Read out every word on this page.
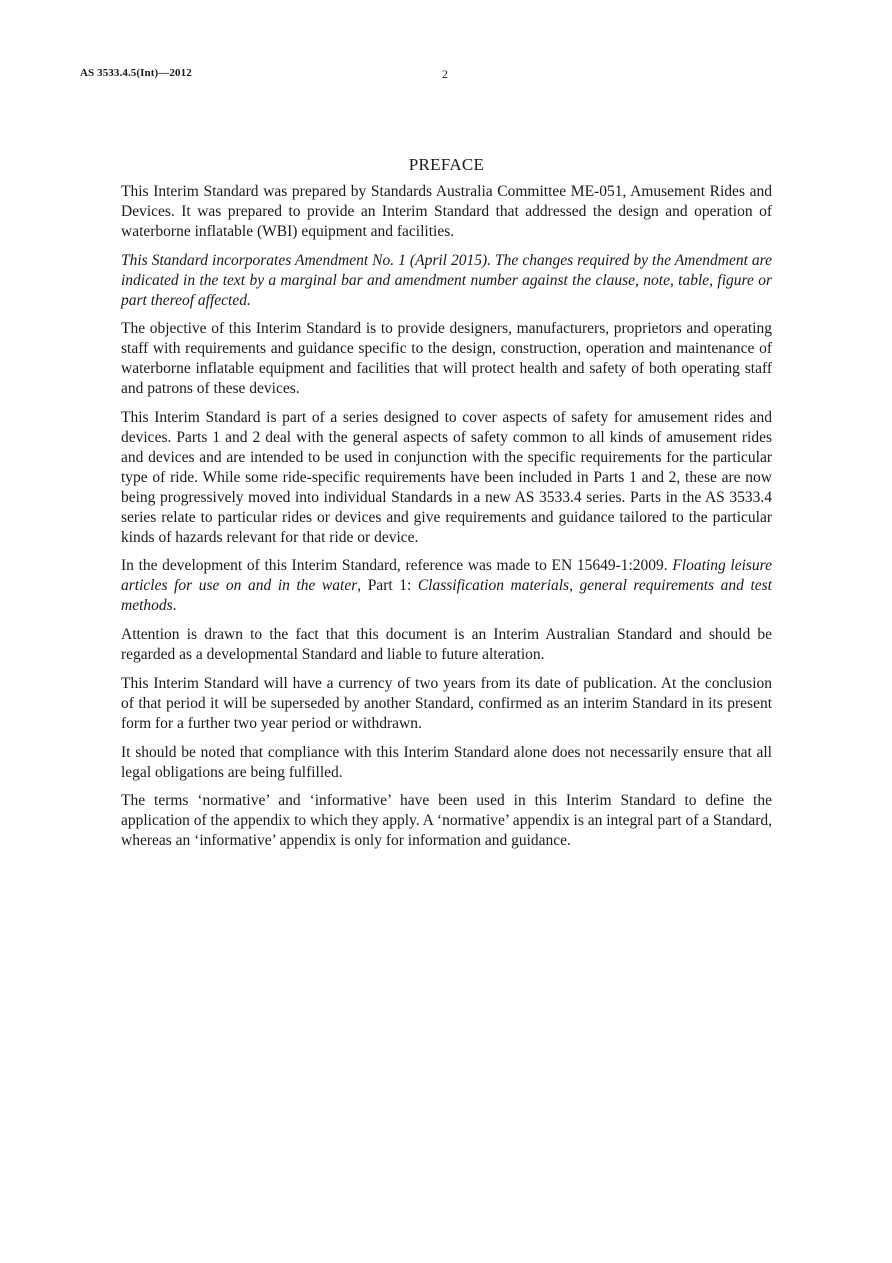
AS 3533.4.5(Int)—2012	2
PREFACE

This Interim Standard was prepared by Standards Australia Committee ME-051, Amusement Rides and Devices. It was prepared to provide an Interim Standard that addressed the design and operation of waterborne inflatable (WBI) equipment and facilities.

This Standard incorporates Amendment No. 1 (April 2015). The changes required by the Amendment are indicated in the text by a marginal bar and amendment number against the clause, note, table, figure or part thereof affected.

The objective of this Interim Standard is to provide designers, manufacturers, proprietors and operating staff with requirements and guidance specific to the design, construction, operation and maintenance of waterborne inflatable equipment and facilities that will protect health and safety of both operating staff and patrons of these devices.

This Interim Standard is part of a series designed to cover aspects of safety for amusement rides and devices. Parts 1 and 2 deal with the general aspects of safety common to all kinds of amusement rides and devices and are intended to be used in conjunction with the specific requirements for the particular type of ride. While some ride-specific requirements have been included in Parts 1 and 2, these are now being progressively moved into individual Standards in a new AS 3533.4 series. Parts in the AS 3533.4 series relate to particular rides or devices and give requirements and guidance tailored to the particular kinds of hazards relevant for that ride or device.

In the development of this Interim Standard, reference was made to EN 15649-1:2009. Floating leisure articles for use on and in the water, Part 1: Classification materials, general requirements and test methods.

Attention is drawn to the fact that this document is an Interim Australian Standard and should be regarded as a developmental Standard and liable to future alteration.

This Interim Standard will have a currency of two years from its date of publication. At the conclusion of that period it will be superseded by another Standard, confirmed as an interim Standard in its present form for a further two year period or withdrawn.

It should be noted that compliance with this Interim Standard alone does not necessarily ensure that all legal obligations are being fulfilled.

The terms ‘normative’ and ‘informative’ have been used in this Interim Standard to define the application of the appendix to which they apply. A ‘normative’ appendix is an integral part of a Standard, whereas an ‘informative’ appendix is only for information and guidance.
